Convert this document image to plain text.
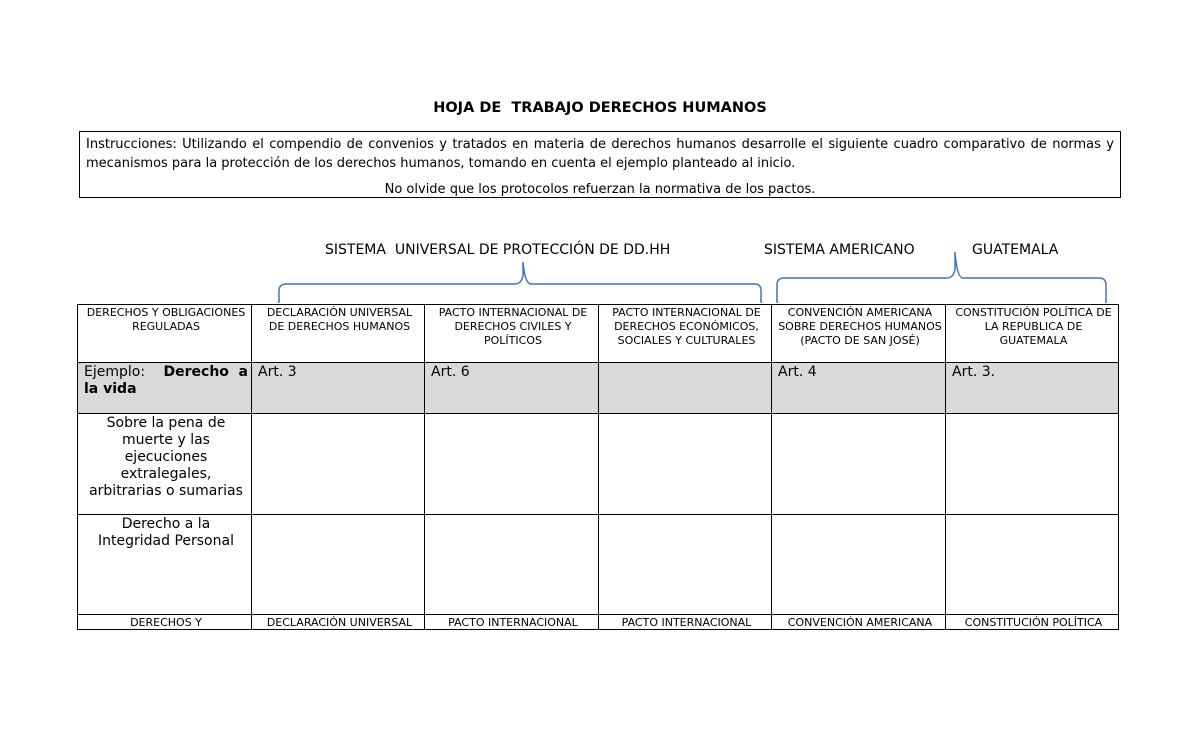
HOJA DE  TRABAJO DERECHOS HUMANOS
Instrucciones: Utilizando el compendio de convenios y tratados en materia de derechos humanos desarrolle el siguiente cuadro comparativo de normas y mecanismos para la protección de los derechos humanos, tomando en cuenta el ejemplo planteado al inicio.
No olvide que los protocolos refuerzan la normativa de los pactos.
SISTEMA  UNIVERSAL DE PROTECCIÓN DE DD.HH	SISTEMA AMERICANO	GUATEMALA
DERECHOS Y OBLIGACIONES REGULADAS	DECLARACIÓN UNIVERSAL DE DERECHOS HUMANOS	PACTO INTERNACIONAL DE DERECHOS CIVILES Y POLÍTICOS	PACTO INTERNACIONAL DE DERECHOS ECONÓMICOS, SOCIALES Y CULTURALES	CONVENCIÓN AMERICANA SOBRE DERECHOS HUMANOS (PACTO DE SAN JOSÉ)	CONSTITUCIÓN POLÍTICA DE LA REPUBLICA DE GUATEMALA
Ejemplo: Derecho a la vida	Art. 3	Art. 6		Art. 4	Art. 3.
Sobre la pena de muerte y las ejecuciones extralegales, arbitrarias o sumarias					
Derecho a la Integridad Personal					
DERECHOS Y	DECLARACIÓN UNIVERSAL	PACTO INTERNACIONAL	PACTO INTERNACIONAL	CONVENCIÓN AMERICANA	CONSTITUCIÓN POLÍTICA
